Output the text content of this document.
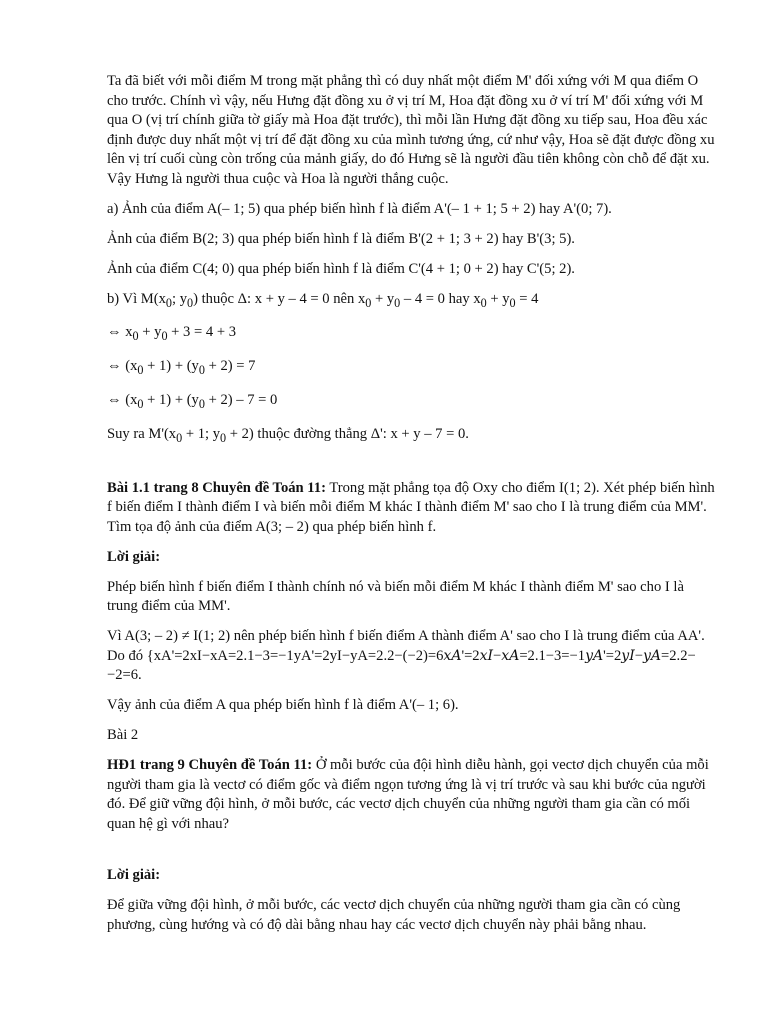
Ta đã biết với mỗi điểm M trong mặt phẳng thì có duy nhất một điểm M' đối xứng với M qua điểm O cho trước. Chính vì vậy, nếu Hưng đặt đồng xu ở vị trí M, Hoa đặt đồng xu ở ví trí M' đối xứng với M qua O (vị trí chính giữa tờ giấy mà Hoa đặt trước), thì mỗi lần Hưng đặt đồng xu tiếp sau, Hoa đều xác định được duy nhất một vị trí để đặt đồng xu của mình tương ứng, cứ như vậy, Hoa sẽ đặt được đồng xu lên vị trí cuối cùng còn trống của mảnh giấy, do đó Hưng sẽ là người đầu tiên không còn chỗ để đặt xu. Vậy Hưng là người thua cuộc và Hoa là người thắng cuộc.

a) Ảnh của điểm A(– 1; 5) qua phép biến hình f là điểm A'(– 1 + 1; 5 + 2) hay A'(0; 7).

Ảnh của điểm B(2; 3) qua phép biến hình f là điểm B'(2 + 1; 3 + 2) hay B'(3; 5).

Ảnh của điểm C(4; 0) qua phép biến hình f là điểm C'(4 + 1; 0 + 2) hay C'(5; 2).

b) Vì $M(x_0$; $y_0$) thuộc Δ: x + y – 4 = 0 nên $x_0 + y_0 - 4 = 0$ hay $x_0 + y_0 = 4$

⇔ $x_0 + y_0 + 3 = 4 + 3$

⇔ $(x_0 + 1) + (y_0 + 2) = 7$

⇔ $(x_0 + 1) + (y_0 + 2) - 7 = 0$

Suy ra $M'(x_0 + 1$; $y_0 + 2$) thuộc đường thẳng Δ': x + y – 7 = 0.

Bài 1.1 trang 8 Chuyên đề Toán 11: Trong mặt phẳng tọa độ Oxy cho điểm I(1; 2). Xét phép biến hình f biến điểm I thành điểm I và biến mỗi điểm M khác I thành điểm M' sao cho I là trung điểm của MM'. Tìm tọa độ ảnh của điểm A(3; – 2) qua phép biến hình f.

Lời giải:

Phép biến hình f biến điểm I thành chính nó và biến mỗi điểm M khác I thành điểm M' sao cho I là trung điểm của MM'.

Vì A(3; – 2) ≠ I(1; 2) nên phép biến hình f biến điểm A thành điểm A' sao cho I là trung điểm của AA'. Do đó {xA'=2xI−xA=2.1−3=−1yA'=2yI−yA=2.2−(−2)=6xA'=2xI−xA=2.1−3=−1yA'=2yI−yA=2.2−−2=6.

Vậy ảnh của điểm A qua phép biến hình f là điểm A'(– 1; 6).

Bài 2

HĐ1 trang 9 Chuyên đề Toán 11: Ở mỗi bước của đội hình diễu hành, gọi vectơ dịch chuyển của mỗi người tham gia là vectơ có điểm gốc và điểm ngọn tương ứng là vị trí trước và sau khi bước của người đó. Để giữ vững đội hình, ở mỗi bước, các vectơ dịch chuyển của những người tham gia cần có mối quan hệ gì với nhau?

Lời giải:

Để giữa vững đội hình, ở mỗi bước, các vectơ dịch chuyển của những người tham gia cần có cùng phương, cùng hướng và có độ dài bằng nhau hay các vectơ dịch chuyển này phải bằng nhau.
